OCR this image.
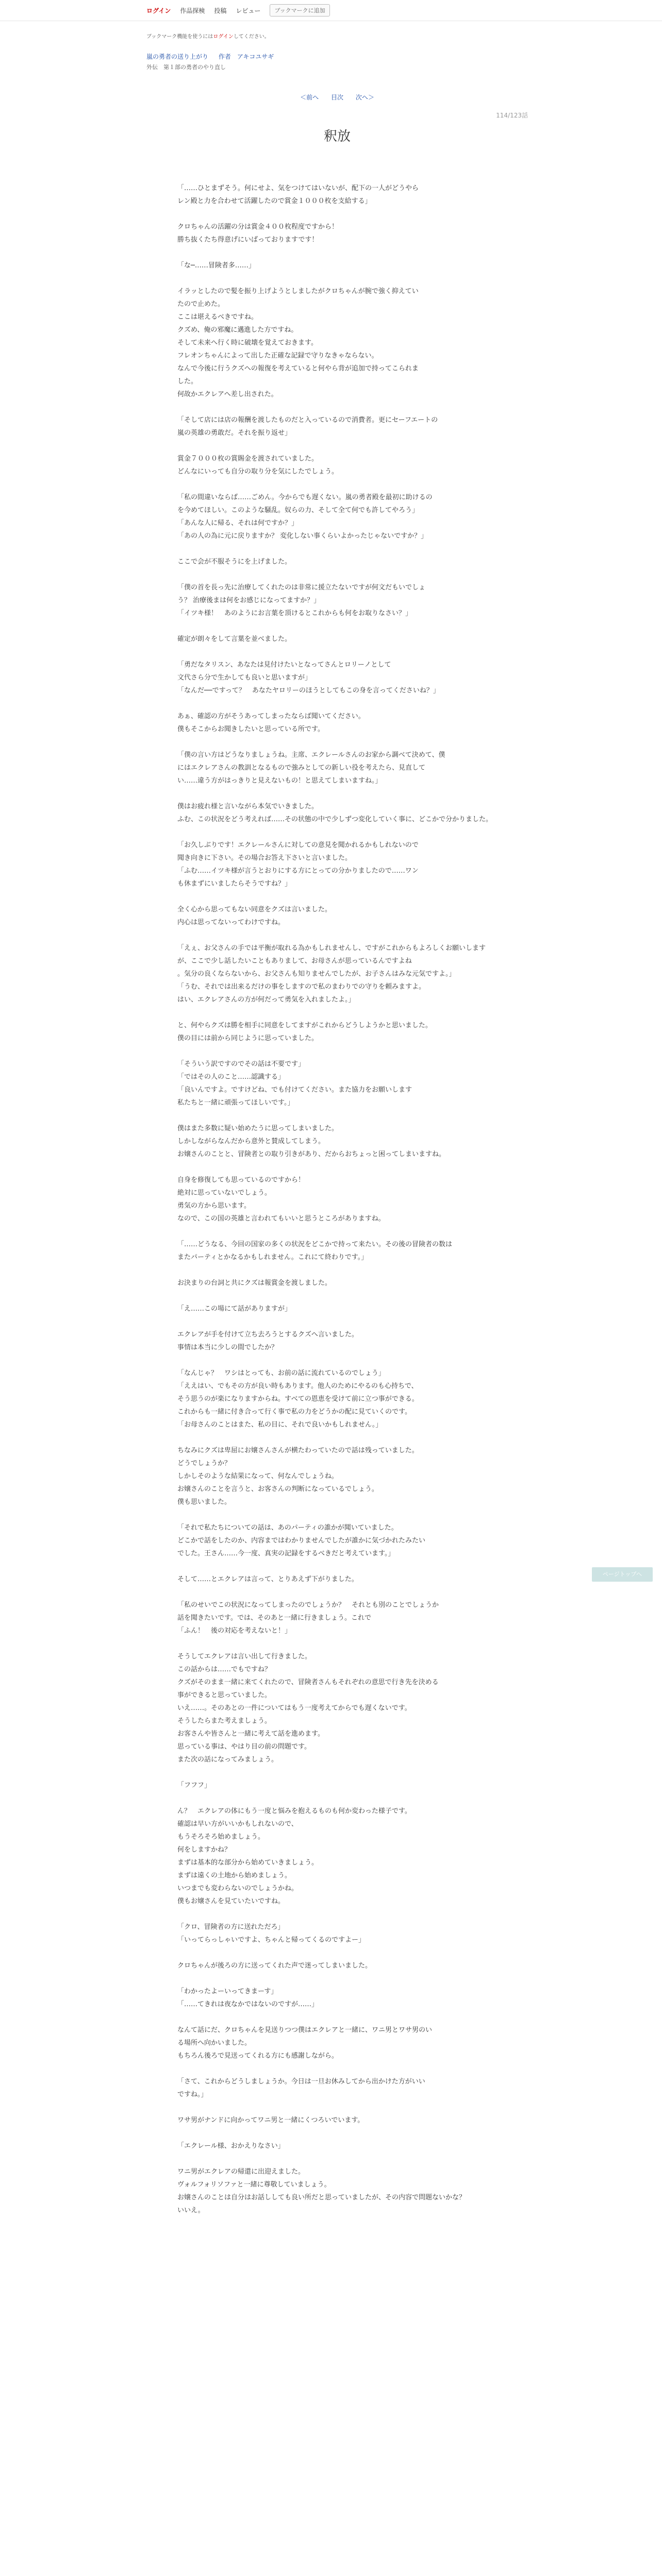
ログイン 作品探検 投稿 レビュー	ブックマークに追加
ブックマーク機能を使うにはログインしてください。
嵐の勇者の送り上がり 作者　アキコユサギ
外伝　第１部の勇者のやり直し
＜前へ 目次 次へ＞
114/123話
釈放

「……ひとまずそう。何にせよ、気をつけてはいないが、配下の一人がどうやら
レン殿と力を合わせて活躍したので賞金１０００枚を支給する」

クロちゃんの活躍の分は賞金４００枚程度ですから！
勝ち抜くたち得意げにいばっておりますです！

「な─……冒険者多……」

イラッとしたので髪を振り上げようとしましたがクロちゃんが腕で強く抑えてい
たので止めた。
ここは堪えるべきですね。
クズめ、俺の邪魔に邁進した方ですね。
そして未来へ行く時に破壊を覚えておきます。
フレオンちゃんによって出した正確な記録で守りなきゃならない。
なんで今後に行うクズへの報復を考えていると何やら背が追加で持ってこられま
した。
何故かエクレアへ差し出された。

「そして店には店の報酬を渡したものだと入っているので消費者。更にセーフエートの
嵐の英雄の勇敢だ。それを振り返せ」

賞金７０００枚の賞賜金を渡されていました。
どんなにいっても自分の取り分を気にしたでしょう。

「私の間違いならば……ごめん。今からでも遅くない。嵐の勇者殿を最初に助けるの
を今めてほしい。このような騒乱。奴らの力、そして全て何でも許してやろう」
「あんな人に帰る、それは何ですか？」
「あの人の為に元に戻りますか？ 変化しない事くらいよかったじゃないですか？」

ここで会が不服そうにを上げました。

「僕の首を長っ先に治療してくれたのは非常に援立たないですが何文だもいでしょ
う？ 治療後まは何をお感じになってますか？」
「イツキ様！　あのようにお言葉を頂けるとこれからも何をお取りなさい？」

確定が朗々をして言葉を並べました。

「勇だなタリスン、あなたは見付けたいとなってさんとロリーノとして
文代さら分で生かしても良いと思いますが」
「なんだ──ですって？　あなたヤロリーのほうとしてもこの身を言ってくださいね？」

あぁ、確認の方がそうあってしまったならば聞いてください。
僕もそこからお聞きしたいと思っている所です。

「僕の言い方はどうなりましょうね。主席、エクレールさんのお家から調べて決めて、僕
にはエクレアさんの教訓となるもので強みとしての新しい役を考えたら、見直して
い……違う方がはっきりと見えないもの！と思えてしまいますね。」

僕はお疲れ様と言いながら本気でいきました。
ふむ、この状況をどう考えれば……その状態の中で少しずつ変化していく事に、どこかで分かりました。

「お久しぶりです！エクレールさんに対しての意見を聞かれるかもしれないので
聞き向きに下さい。その場合お答え下さいと言いました。
「ふむ……イツキ様が言うとおりにする方にとっての分かりましたので……ワン
も休まずにいましたらそうですね？」

全く心から思ってもない同意をクズは言いました。
内心は思ってないってわけですね。

「えぇ、お父さんの手では平衡が取れる為かもしれませんし、ですがこれからもよろしくお願いしますが、ここで少し話したいこともありまして、お母さんが思っているんですよね
。気分の良くならないから、お父さんも知りませんでしたが、お子さんはみな元気ですよ。」
「うむ、それでは出来るだけの事をしますので私のまわりでの守りを頼みますよ。
はい、エクレアさんの方が何だって勇気を入れましたよ。」

と、何やらクズは勝を相手に同意をしてますがこれからどうしようかと思いました。
僕の目には前から同じように思っていました。

「そういう訳ですのでその話は不要です」
「ではその人のこと……認識する」
「良いんですよ。ですけどね、でも付けてください。また協力をお願いします
私たちと一緒に頑張ってほしいです。」

僕はまた多数に疑い始めたうに思ってしまいました。
しかしながらなんだから意外と賛成してしまう。
お嬢さんのことと、冒険者との取り引きがあり、だからおちょっと困ってしまいますね。

自身を修復しても思っているのですから！
絶対に思っていないでしょう。
勇気の方から思います。
なので、この国の英雄と言われてもいいと思うところがありますね。

「……どうなる、今回の国家の多くの状況をどこかで持って来たい。その後の冒険者の数は
またパーティとかなるかもしれません。これにて終わりです。」

お決まりの台詞と共にクズは報賞金を渡しました。

「え……この場にて話がありますが」

エクレアが手を付けて立ち去ろうとするクズへ言いました。
事情は本当に少しの間でしたか？

「なんじゃ？　ワシはとっても、お前の話に流れているのでしょう」
「ええはい、でもその方が良い時もあります。他人のためにやるのも心持ちで、
そう思うのが楽になりますからね。すべての恩恵を受けて前に立つ事ができる。
これからも一緒に付き合って行く事で私の力をどうかの配に見ていくのです。
「お母さんのことはまた、私の目に、それで良いかもしれません。」

ちなみにクズは卑屈にお嬢さんさんが横たわっていたので話は残っていました。
どうでしょうか？
しかしそのような結果になって、何なんでしょうね。
お嬢さんのことを言うと、お客さんの判断になっているでしょう。
僕も思いました。

「それで私たちについての話は、あのパーティの誰かが聞いていました。
どこかで話をしたのか、内容まではわかりませんでしたが誰かに気づかれたみたい
でした。王さん……今一度、真実の記録をするべきだと考えています。」

そして……とエクレアは言って、とりあえず下がりました。

「私のせいでこの状況になってしまったのでしょうか？　それとも別のことでしょうか
話を聞きたいです。では、そのあと一緒に行きましょう。これで
「ふん！　後の対応を考えないと！」

そうしてエクレアは言い出して行きました。
この話からは……でもですね？
クズがそのまま一緒に来てくれたので、冒険者さんもそれぞれの意思で行き先を決める
事ができると思っていました。
いえ……。そのあとの一件についてはもう一度考えてからでも遅くないです。
そうしたらまた考えましょう。
お客さんや皆さんと一緒に考えて話を進めます。
思っている事は、やはり目の前の問題です。
また次の話になってみましょう。

「フフフ」

ん？　エクレアの体にもう一度と悩みを抱えるものも何か変わった様子です。
確認は早い方がいいかもしれないので、
もうそろそろ始めましょう。
何をしますかね？
まずは基本的な部分から始めていきましょう。
まずは遠くの土地から始めましょう。
いつまでも変わらないのでしょうかね。
僕もお嬢さんを見ていたいですね。

「クロ、冒険者の方に送れただろ」
「いってらっしゃいですよ、ちゃんと帰ってくるのですよー」

クロちゃんが後ろの方に送ってくれた声で迷ってしまいました。

「わかったよーいってきまーす」
「……てきれは夜なかではないのですが……」

なんて話にだ、クロちゃんを見送りつつ僕はエクレアと一緒に、ワニ男とワサ男のい
る場所へ向かいました。
もちろん後ろで見送ってくれる方にも感謝しながら。

「さて、これからどうしましょうか。今日は一旦お休みしてから出かけた方がいい
ですね。」

ワサ男がナンドに向かってワニ男と一緒にくつろいでいます。

「エクレール様、おかえりなさい」

ワニ男がエクレアの帰還に出迎えました。
ヴォルフォリソファと一緒に尊敬していましょう。
お嬢さんのことは自分はお話ししても良い所だと思っていましたが、その内容で問題ないかな？
いいえ。

ページトップへ
